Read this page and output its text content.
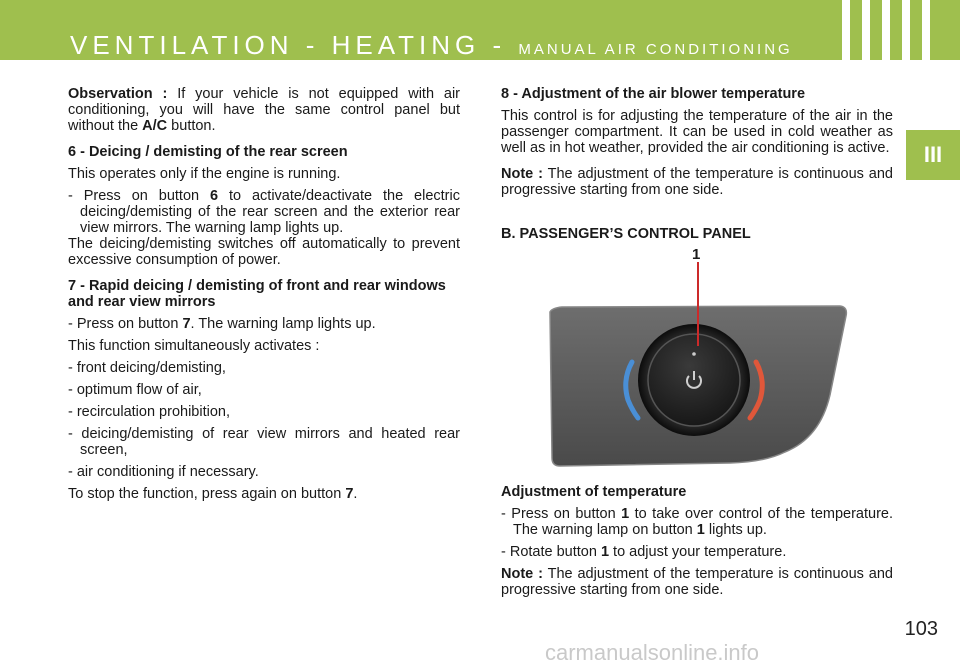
VENTILATION - HEATING - MANUAL AIR CONDITIONING
III

Observation : If your vehicle is not equipped with air conditioning, you will have the same control panel but without the A/C button.

6 - Deicing / demisting of the rear screen

This operates only if the engine is running.

- Press on button 6 to activate/deactivate the electric deicing/demisting of the rear screen and the exterior rear view mirrors. The warning lamp lights up.

The deicing/demisting switches off automatically to prevent excessive consumption of power.

7 - Rapid deicing / demisting of front and rear windows and rear view mirrors

- Press on button 7. The warning lamp lights up.

This function simultaneously activates :

- front deicing/demisting,

- optimum flow of air,

- recirculation prohibition,

- deicing/demisting of rear view mirrors and heated rear screen,

- air conditioning if necessary.

To stop the function, press again on button 7.

8 - Adjustment of the air blower temperature

This control is for adjusting the temperature of the air in the passenger compartment. It can be used in cold weather as well as in hot weather, provided the air conditioning is active.

Note : The adjustment of the temperature is continuous and progressive starting from one side.

B. PASSENGER’S CONTROL PANEL

1

Adjustment of temperature

- Press on button 1 to take over control of the temperature. The warning lamp on button 1 lights up.

- Rotate button 1 to adjust your temperature.

Note : The adjustment of the temperature is continuous and progressive starting from one side.

103
carmanualsonline.info
